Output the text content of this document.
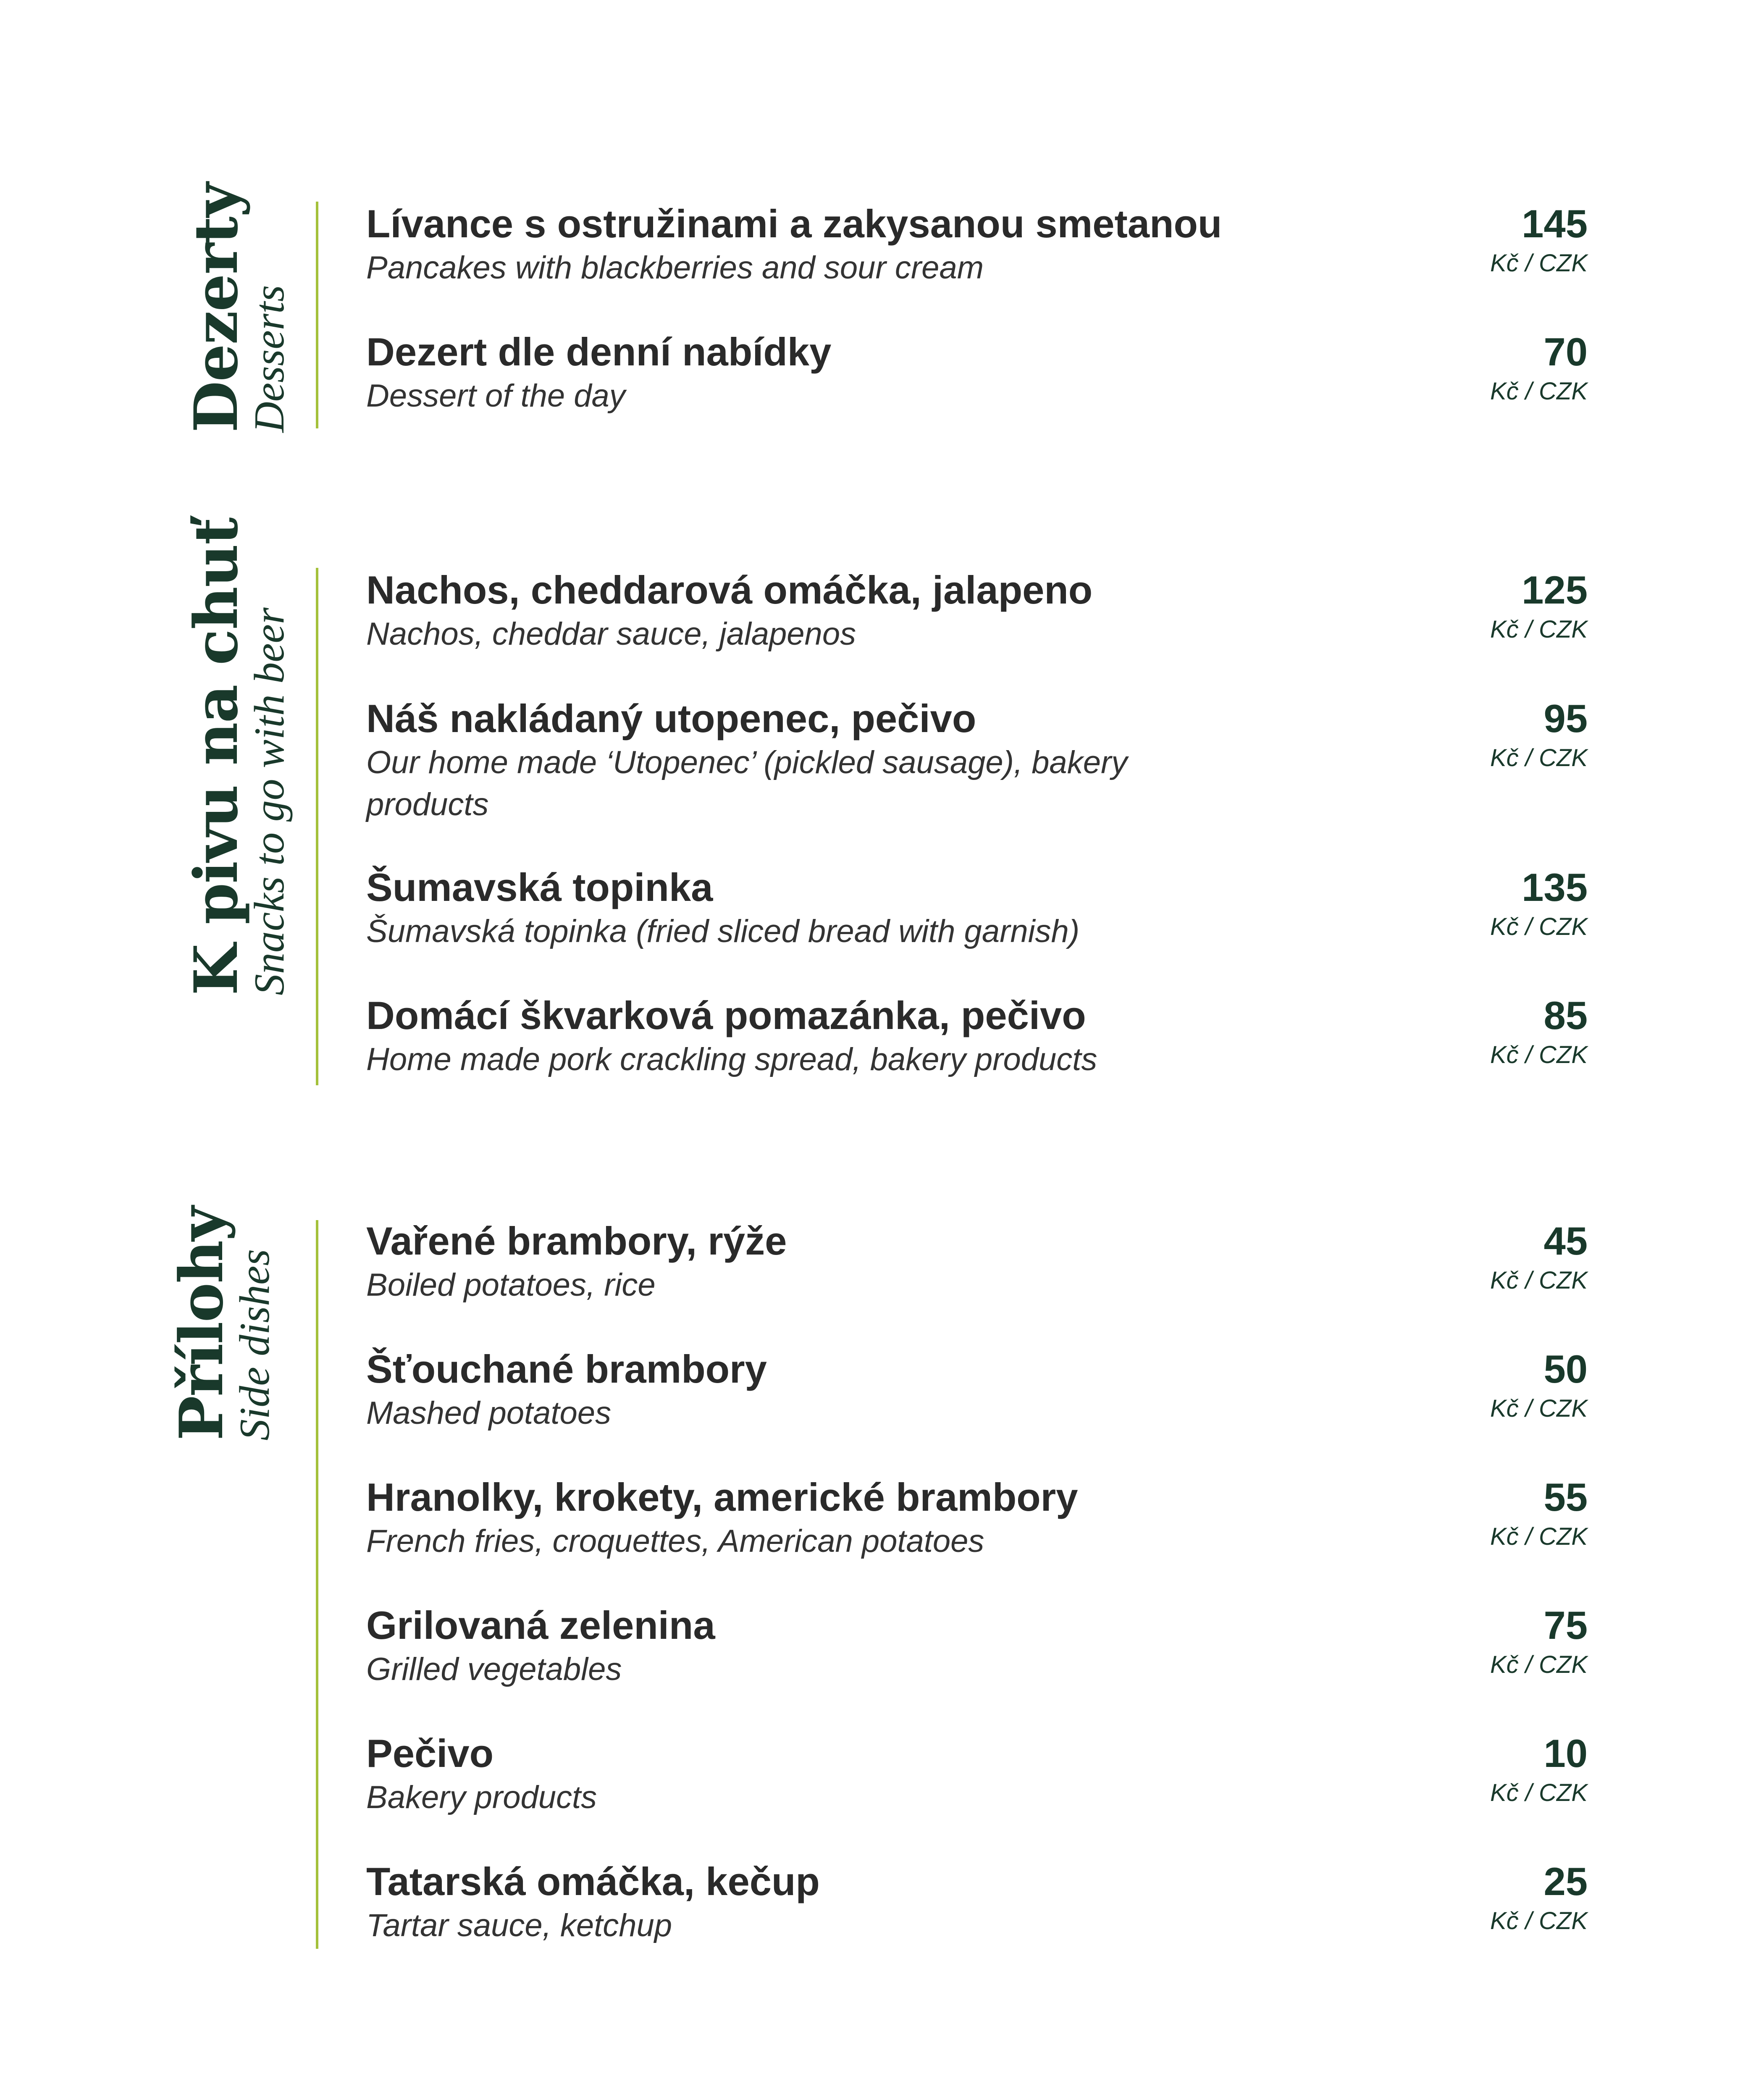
Dezerty
Desserts
Lívance s ostružinami a zakysanou smetanou
Pancakes with blackberries and sour cream
145
Kč / CZK
Dezert dle denní nabídky
Dessert of the day
70
Kč / CZK
K pivu na chuť
Snacks to go with beer
Nachos, cheddarová omáčka, jalapeno
Nachos, cheddar sauce, jalapenos
125
Kč / CZK
Náš nakládaný utopenec, pečivo
Our home made ‘Utopenec’ (pickled sausage), bakery products
95
Kč / CZK
Šumavská topinka
Šumavská topinka (fried sliced bread with garnish)
135
Kč / CZK
Domácí škvarková pomazánka, pečivo
Home made pork crackling spread, bakery products
85
Kč / CZK
Přílohy
Side dishes
Vařené brambory, rýže
Boiled potatoes, rice
45
Kč / CZK
Šťouchané brambory
Mashed potatoes
50
Kč / CZK
Hranolky, krokety, americké brambory
French fries, croquettes, American potatoes
55
Kč / CZK
Grilovaná zelenina
Grilled vegetables
75
Kč / CZK
Pečivo
Bakery products
10
Kč / CZK
Tatarská omáčka, kečup
Tartar sauce, ketchup
25
Kč / CZK
